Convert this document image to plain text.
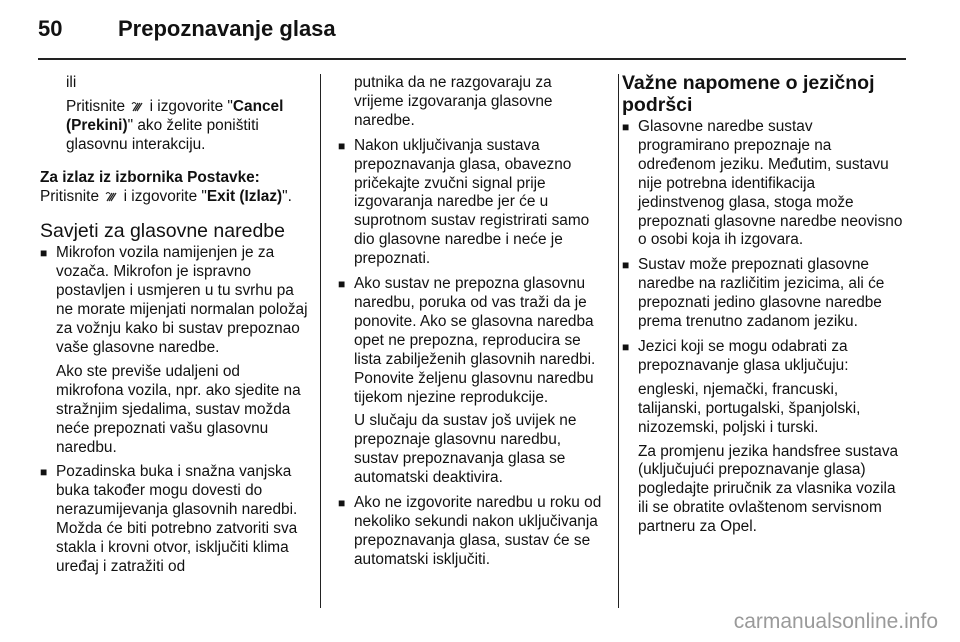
50	Prepoznavanje glasa

ili

Pritisnite i izgovorite "Cancel (Prekini)" ako želite poništiti glasovnu interakciju.

Za izlaz iz izbornika Postavke:

Pritisnite i izgovorite "Exit (Izlaz)".

Savjeti za glasovne naredbe

■ Mikrofon vozila namijenjen je za vozača. Mikrofon je ispravno postavljen i usmjeren u tu svrhu pa ne morate mijenjati normalan položaj za vožnju kako bi sustav prepoznao vaše glasovne naredbe.

Ako ste previše udaljeni od mikrofona vozila, npr. ako sjedite na stražnjim sjedalima, sustav možda neće prepoznati vašu glasovnu naredbu.

■ Pozadinska buka i snažna vanjska buka također mogu dovesti do nerazumijevanja glasovnih naredbi. Možda će biti potrebno zatvoriti sva stakla i krovni otvor, isključiti klima uređaj i zatražiti od

putnika da ne razgovaraju za vrijeme izgovaranja glasovne naredbe.

■ Nakon uključivanja sustava prepoznavanja glasa, obavezno pričekajte zvučni signal prije izgovaranja naredbe jer će u suprotnom sustav registrirati samo dio glasovne naredbe i neće je prepoznati.

■ Ako sustav ne prepozna glasovnu naredbu, poruka od vas traži da je ponovite. Ako se glasovna naredba opet ne prepozna, reproducira se lista zabilježenih glasovnih naredbi. Ponovite željenu glasovnu naredbu tijekom njezine reprodukcije.

U slučaju da sustav još uvijek ne prepoznaje glasovnu naredbu, sustav prepoznavanja glasa se automatski deaktivira.

■ Ako ne izgovorite naredbu u roku od nekoliko sekundi nakon uključivanja prepoznavanja glasa, sustav će se automatski isključiti.

Važne napomene o jezičnoj podršci

■ Glasovne naredbe sustav programirano prepoznaje na određenom jeziku. Međutim, sustavu nije potrebna identifikacija jedinstvenog glasa, stoga može prepoznati glasovne naredbe neovisno o osobi koja ih izgovara.

■ Sustav može prepoznati glasovne naredbe na različitim jezicima, ali će prepoznati jedino glasovne naredbe prema trenutno zadanom jeziku.

■ Jezici koji se mogu odabrati za prepoznavanje glasa uključuju:

engleski, njemački, francuski, talijanski, portugalski, španjolski, nizozemski, poljski i turski.

Za promjenu jezika handsfree sustava (uključujući prepoznavanje glasa) pogledajte priručnik za vlasnika vozila ili se obratite ovlaštenom servisnom partneru za Opel.

carmanualsonline.info
